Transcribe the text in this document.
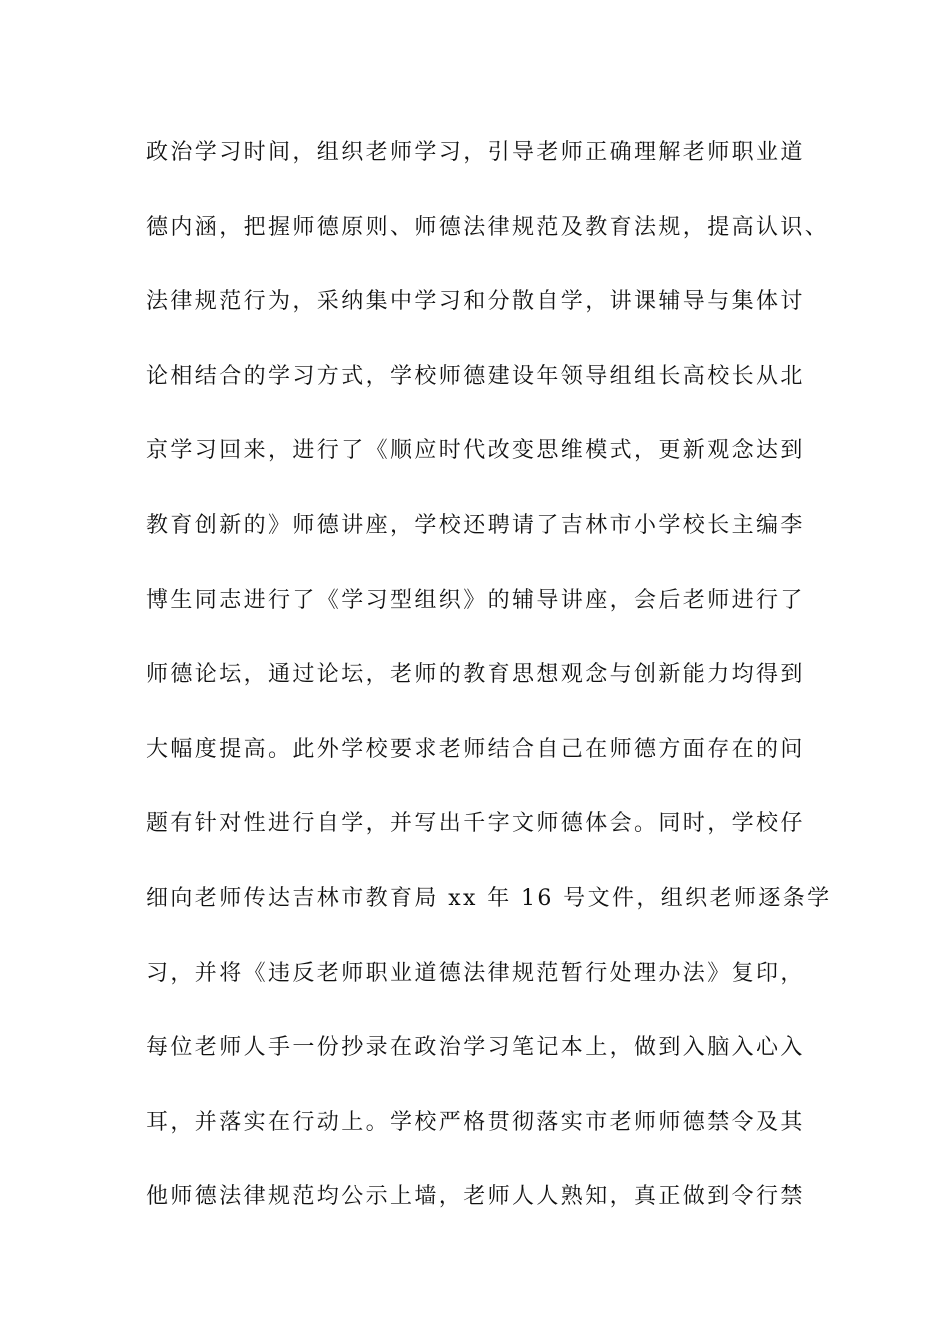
政治学习时间，组织老师学习，引导老师正确理解老师职业道
德内涵，把握师德原则、师德法律规范及教育法规，提高认识、
法律规范行为，采纳集中学习和分散自学，讲课辅导与集体讨
论相结合的学习方式，学校师德建设年领导组组长高校长从北
京学习回来，进行了《顺应时代改变思维模式，更新观念达到
教育创新的》师德讲座，学校还聘请了吉林市小学校长主编李
博生同志进行了《学习型组织》的辅导讲座，会后老师进行了
师德论坛，通过论坛，老师的教育思想观念与创新能力均得到
大幅度提高。此外学校要求老师结合自己在师德方面存在的问
题有针对性进行自学，并写出千字文师德体会。同时，学校仔
细向老师传达吉林市教育局 xx 年 16 号文件，组织老师逐条学
习，并将《违反老师职业道德法律规范暂行处理办法》复印，
每位老师人手一份抄录在政治学习笔记本上，做到入脑入心入
耳，并落实在行动上。学校严格贯彻落实市老师师德禁令及其
他师德法律规范均公示上墙，老师人人熟知，真正做到令行禁
